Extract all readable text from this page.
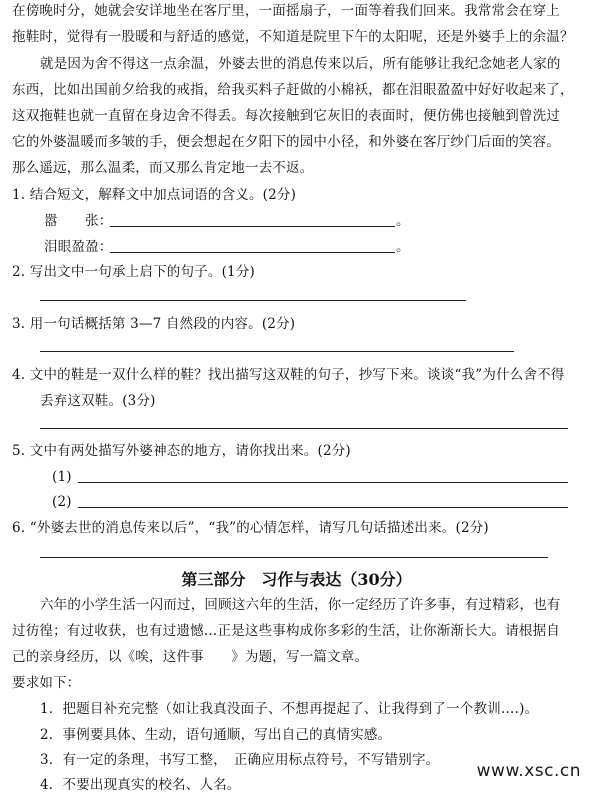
在傍晚时分，她就会安详地坐在客厅里，一面摇扇子，一面等着我们回来。我常常会在穿上
拖鞋时，觉得有一股暖和与舒适的感觉，不知道是院里下午的太阳呢，还是外婆手上的余温？
就是因为舍不得这一点余温，外婆去世的消息传来以后，所有能够让我纪念她老人家的
东西，比如出国前夕给我的戒指，给我买料子赶做的小棉袄，都在泪眼盈盈中好好收起来了，
这双拖鞋也就一直留在身边舍不得丢。每次接触到它灰旧的表面时，便仿佛也接触到曾洗过
它的外婆温暖而多皱的手，便会想起在夕阳下的园中小径，和外婆在客厅纱门后面的笑容。
那么遥远，那么温柔，而又那么肯定地一去不返。
1. 结合短文，解释文中加点词语的含义。(2分)
嚣　　张：	。
泪眼盈盈：	。
2. 写出文中一句承上启下的句子。(1分)
3. 用一句话概括第 3—7 自然段的内容。(2分)
4. 文中的鞋是一双什么样的鞋？找出描写这双鞋的句子，抄写下来。谈谈“我”为什么舍不得
丢弃这双鞋。(3分)
5. 文中有两处描写外婆神态的地方，请你找出来。(2分)
(1)
(2)
6. “外婆去世的消息传来以后”，“我”的心情怎样，请写几句话描述出来。(2分)
第三部分　习作与表达（30分）
六年的小学生活一闪而过，回顾这六年的生活，你一定经历了许多事，有过精彩，也有
过彷徨；有过收获，也有过遗憾…正是这些事构成你多彩的生活，让你渐渐长大。请根据自
己的亲身经历，以《唉，这件事　　》为题，写一篇文章。
要求如下：
1．把题目补充完整（如让我真没面子、不想再提起了、让我得到了一个教训….)。
2．事例要具体、生动，语句通顺，写出自己的真情实感。
3．有一定的条理，书写工整，　正确应用标点符号，不写错别字。
4．不要出现真实的校名、人名。
www.xsc.cn
